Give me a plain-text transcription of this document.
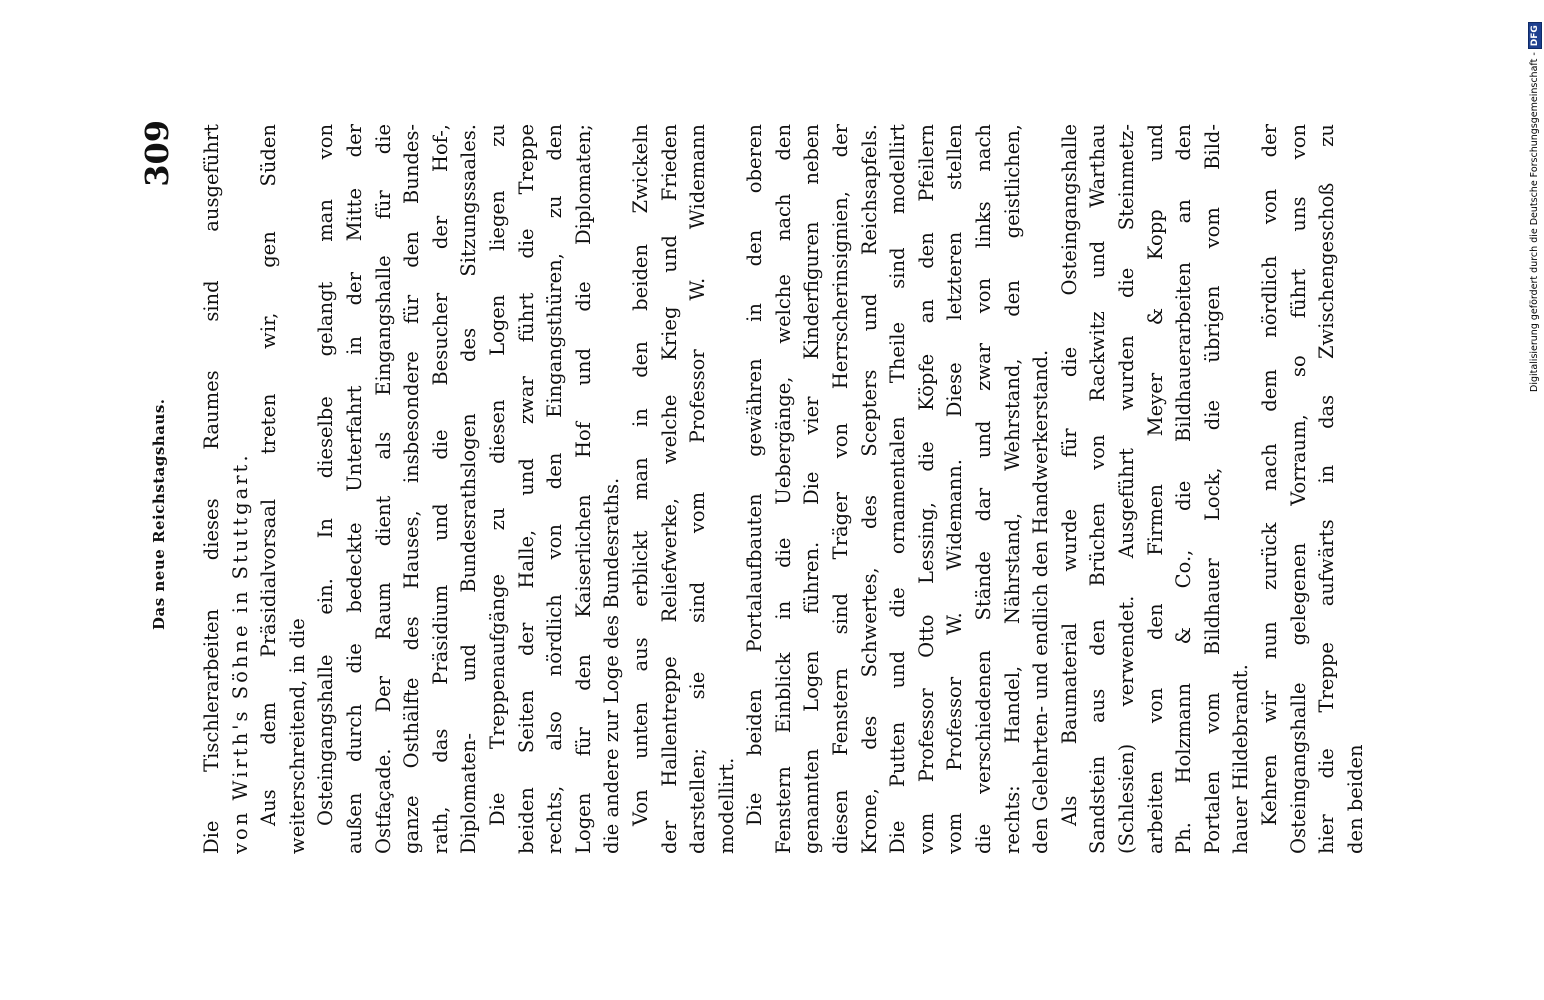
Das neue Reichstagshaus.
309 Die Tischlerarbeiten dieses Raumes sind ausgeführt von Wirth's Söhne in Stuttgart. Aus dem Präsidialvorsaal treten wir, gen Süden weiterschreitend, in die Osteingangshalle ein. In dieselbe gelangt man von außen durch die bedeckte Unterfahrt in der Mitte der Ostfaçade. Der Raum dient als Eingangshalle für die ganze Osthälfte des Hauses, insbesondere für den Bundes- rath, das Präsidium und die Besucher der Hof-, Diplomaten- und Bundesrathslogen des Sitzungssaales. Die Treppenaufgänge zu diesen Logen liegen zu beiden Seiten der Halle, und zwar führt die Treppe rechts, also nördlich von den Eingangsthüren, zu den Logen für den Kaiserlichen Hof und die Diplomaten; die andere zur Loge des Bundesraths. Von unten aus erblickt man in den beiden Zwickeln der Hallentreppe Reliefwerke, welche Krieg und Frieden darstellen; sie sind vom Professor W. Widemann modellirt. Die beiden Portalaufbauten gewähren in den oberen Fenstern Einblick in die Uebergänge, welche nach den genannten Logen führen. Die vier Kinderfiguren neben diesen Fenstern sind Träger von Herrscherinsignien, der Krone, des Schwertes, des Scepters und Reichsapfels. Die Putten und die ornamentalen Theile sind modellirt vom Professor Otto Lessing, die Köpfe an den Pfeilern vom Professor W. Widemann. Diese letzteren stellen die verschiedenen Stände dar und zwar von links nach rechts: Handel, Nährstand, Wehrstand, den geistlichen, den Gelehrten- und endlich den Handwerkerstand. Als Baumaterial wurde für die Osteingangshalle Sandstein aus den Brüchen von Rackwitz und Warthau (Schlesien) verwendet. Ausgeführt wurden die Steinmetz- arbeiten von den Firmen Meyer & Kopp und Ph. Holzmann & Co., die Bildhauerarbeiten an den Portalen vom Bildhauer Lock, die übrigen vom Bild- hauer Hildebrandt. Kehren wir nun zurück nach dem nördlich von der Osteingangshalle gelegenen Vorraum, so führt uns von hier die Treppe aufwärts in das Zwischengeschoß zu den beiden
Digitalisierung gefördert durch die Deutsche Forschungsgemeinschaft -DFG
